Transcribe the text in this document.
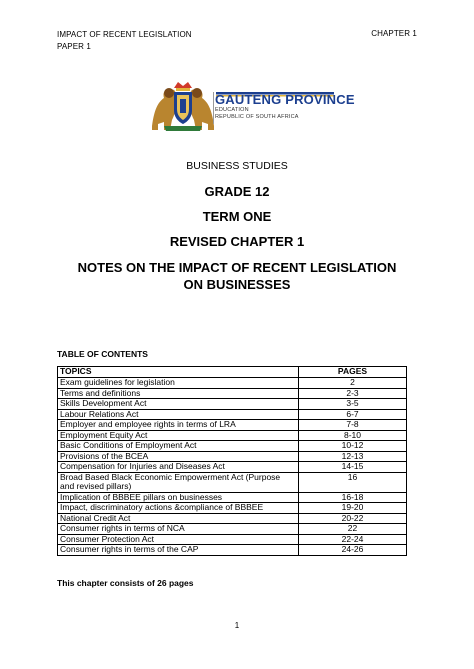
IMPACT OF RECENT LEGISLATION
PAPER 1
CHAPTER 1
GAUTENG PROVINCE
EDUCATION
REPUBLIC OF SOUTH AFRICA
BUSINESS STUDIES
GRADE 12
TERM ONE
REVISED CHAPTER 1
NOTES ON THE IMPACT OF RECENT LEGISLATION ON BUSINESSES
TABLE OF CONTENTS
TOPICS	PAGES
Exam guidelines for legislation	2
Terms and definitions	2-3
Skills Development Act	3-5
Labour Relations Act	6-7
Employer and employee rights in terms of LRA	7-8
Employment Equity Act	8-10
Basic Conditions of Employment Act	10-12
Provisions of the BCEA	12-13
Compensation for Injuries and Diseases Act	14-15
Broad Based Black Economic Empowerment Act (Purpose and revised pillars)	16
Implication of BBBEE pillars on businesses	16-18
Impact, discriminatory actions &compliance of BBBEE	19-20
National Credit Act	20-22
Consumer rights in terms of NCA	22
Consumer Protection Act	22-24
Consumer rights in terms of the CAP	24-26
This chapter consists of 26 pages
1
